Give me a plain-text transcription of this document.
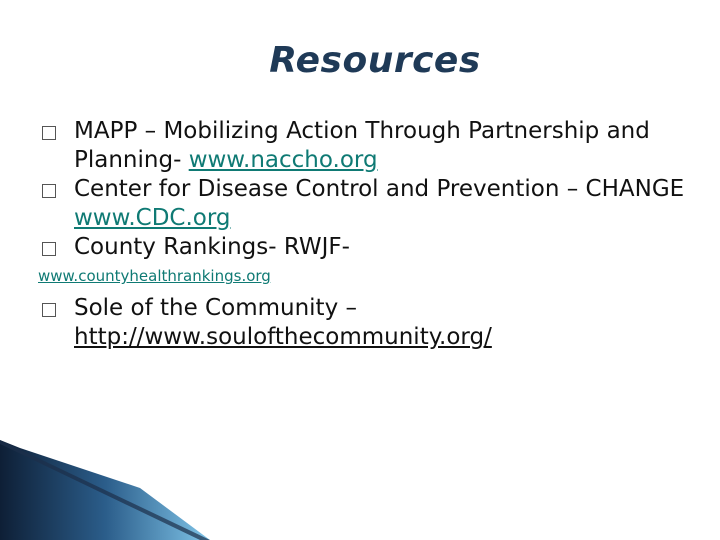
Resources

MAPP – Mobilizing Action Through Partnership and Planning- www.naccho.org

Center for Disease Control and Prevention – CHANGE www.CDC.org

County Rankings- RWJF-

www.countyhealthrankings.org

Sole of the Community – http://www.soulofthecommunity.org/
